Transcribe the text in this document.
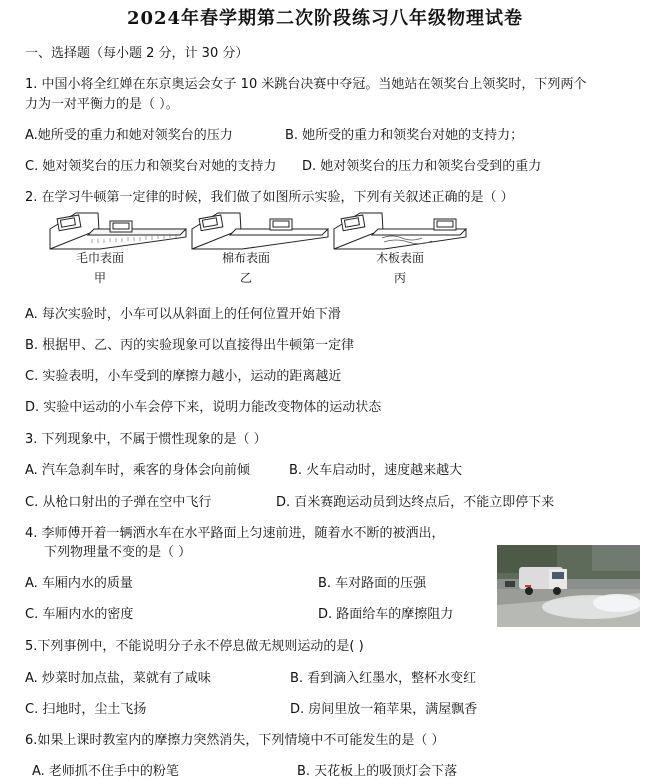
2024年春学期第二次阶段练习八年级物理试卷
一、选择题（每小题 2 分，计 30 分）
1. 中国小将全红婵在东京奥运会女子 10 米跳台决赛中夺冠。当她站在领奖台上领奖时，下列两个
力为一对平衡力的是（ ）。
A.她所受的重力和她对领奖台的压力	B. 她所受的重力和领奖台对她的支持力；
C. 她对领奖台的压力和领奖台对她的支持力 D. 她对领奖台的压力和领奖台受到的重力
2. 在学习牛顿第一定律的时候，我们做了如图所示实验，下列有关叙述正确的是（ ）
毛巾表面
甲
棉布表面
乙
木板表面
丙
A. 每次实验时，小车可以从斜面上的任何位置开始下滑
B. 根据甲、乙、丙的实验现象可以直接得出牛顿第一定律
C. 实验表明，小车受到的摩擦力越小，运动的距离越近
D. 实验中运动的小车会停下来，说明力能改变物体的运动状态
3. 下列现象中，不属于惯性现象的是（ ）
A. 汽车急刹车时，乘客的身体会向前倾	B. 火车启动时，速度越来越大
C. 从枪口射出的子弹在空中飞行	D. 百米赛跑运动员到达终点后，不能立即停下来
4. 李师傅开着一辆洒水车在水平路面上匀速前进，随着水不断的被洒出，
下列物理量不变的是（ ）
A. 车厢内水的质量	B. 车对路面的压强
C. 车厢内水的密度	D. 路面给车的摩擦阻力
5.下列事例中，不能说明分子永不停息做无规则运动的是( )
A. 炒菜时加点盐，菜就有了咸味	B. 看到滴入红墨水，整杯水变红
C. 扫地时，尘土飞扬	D. 房间里放一箱苹果，满屋飘香
6.如果上课时教室内的摩擦力突然消失，下列情境中不可能发生的是（ ）
A. 老师抓不住手中的粉笔	B. 天花板上的吸顶灯会下落
